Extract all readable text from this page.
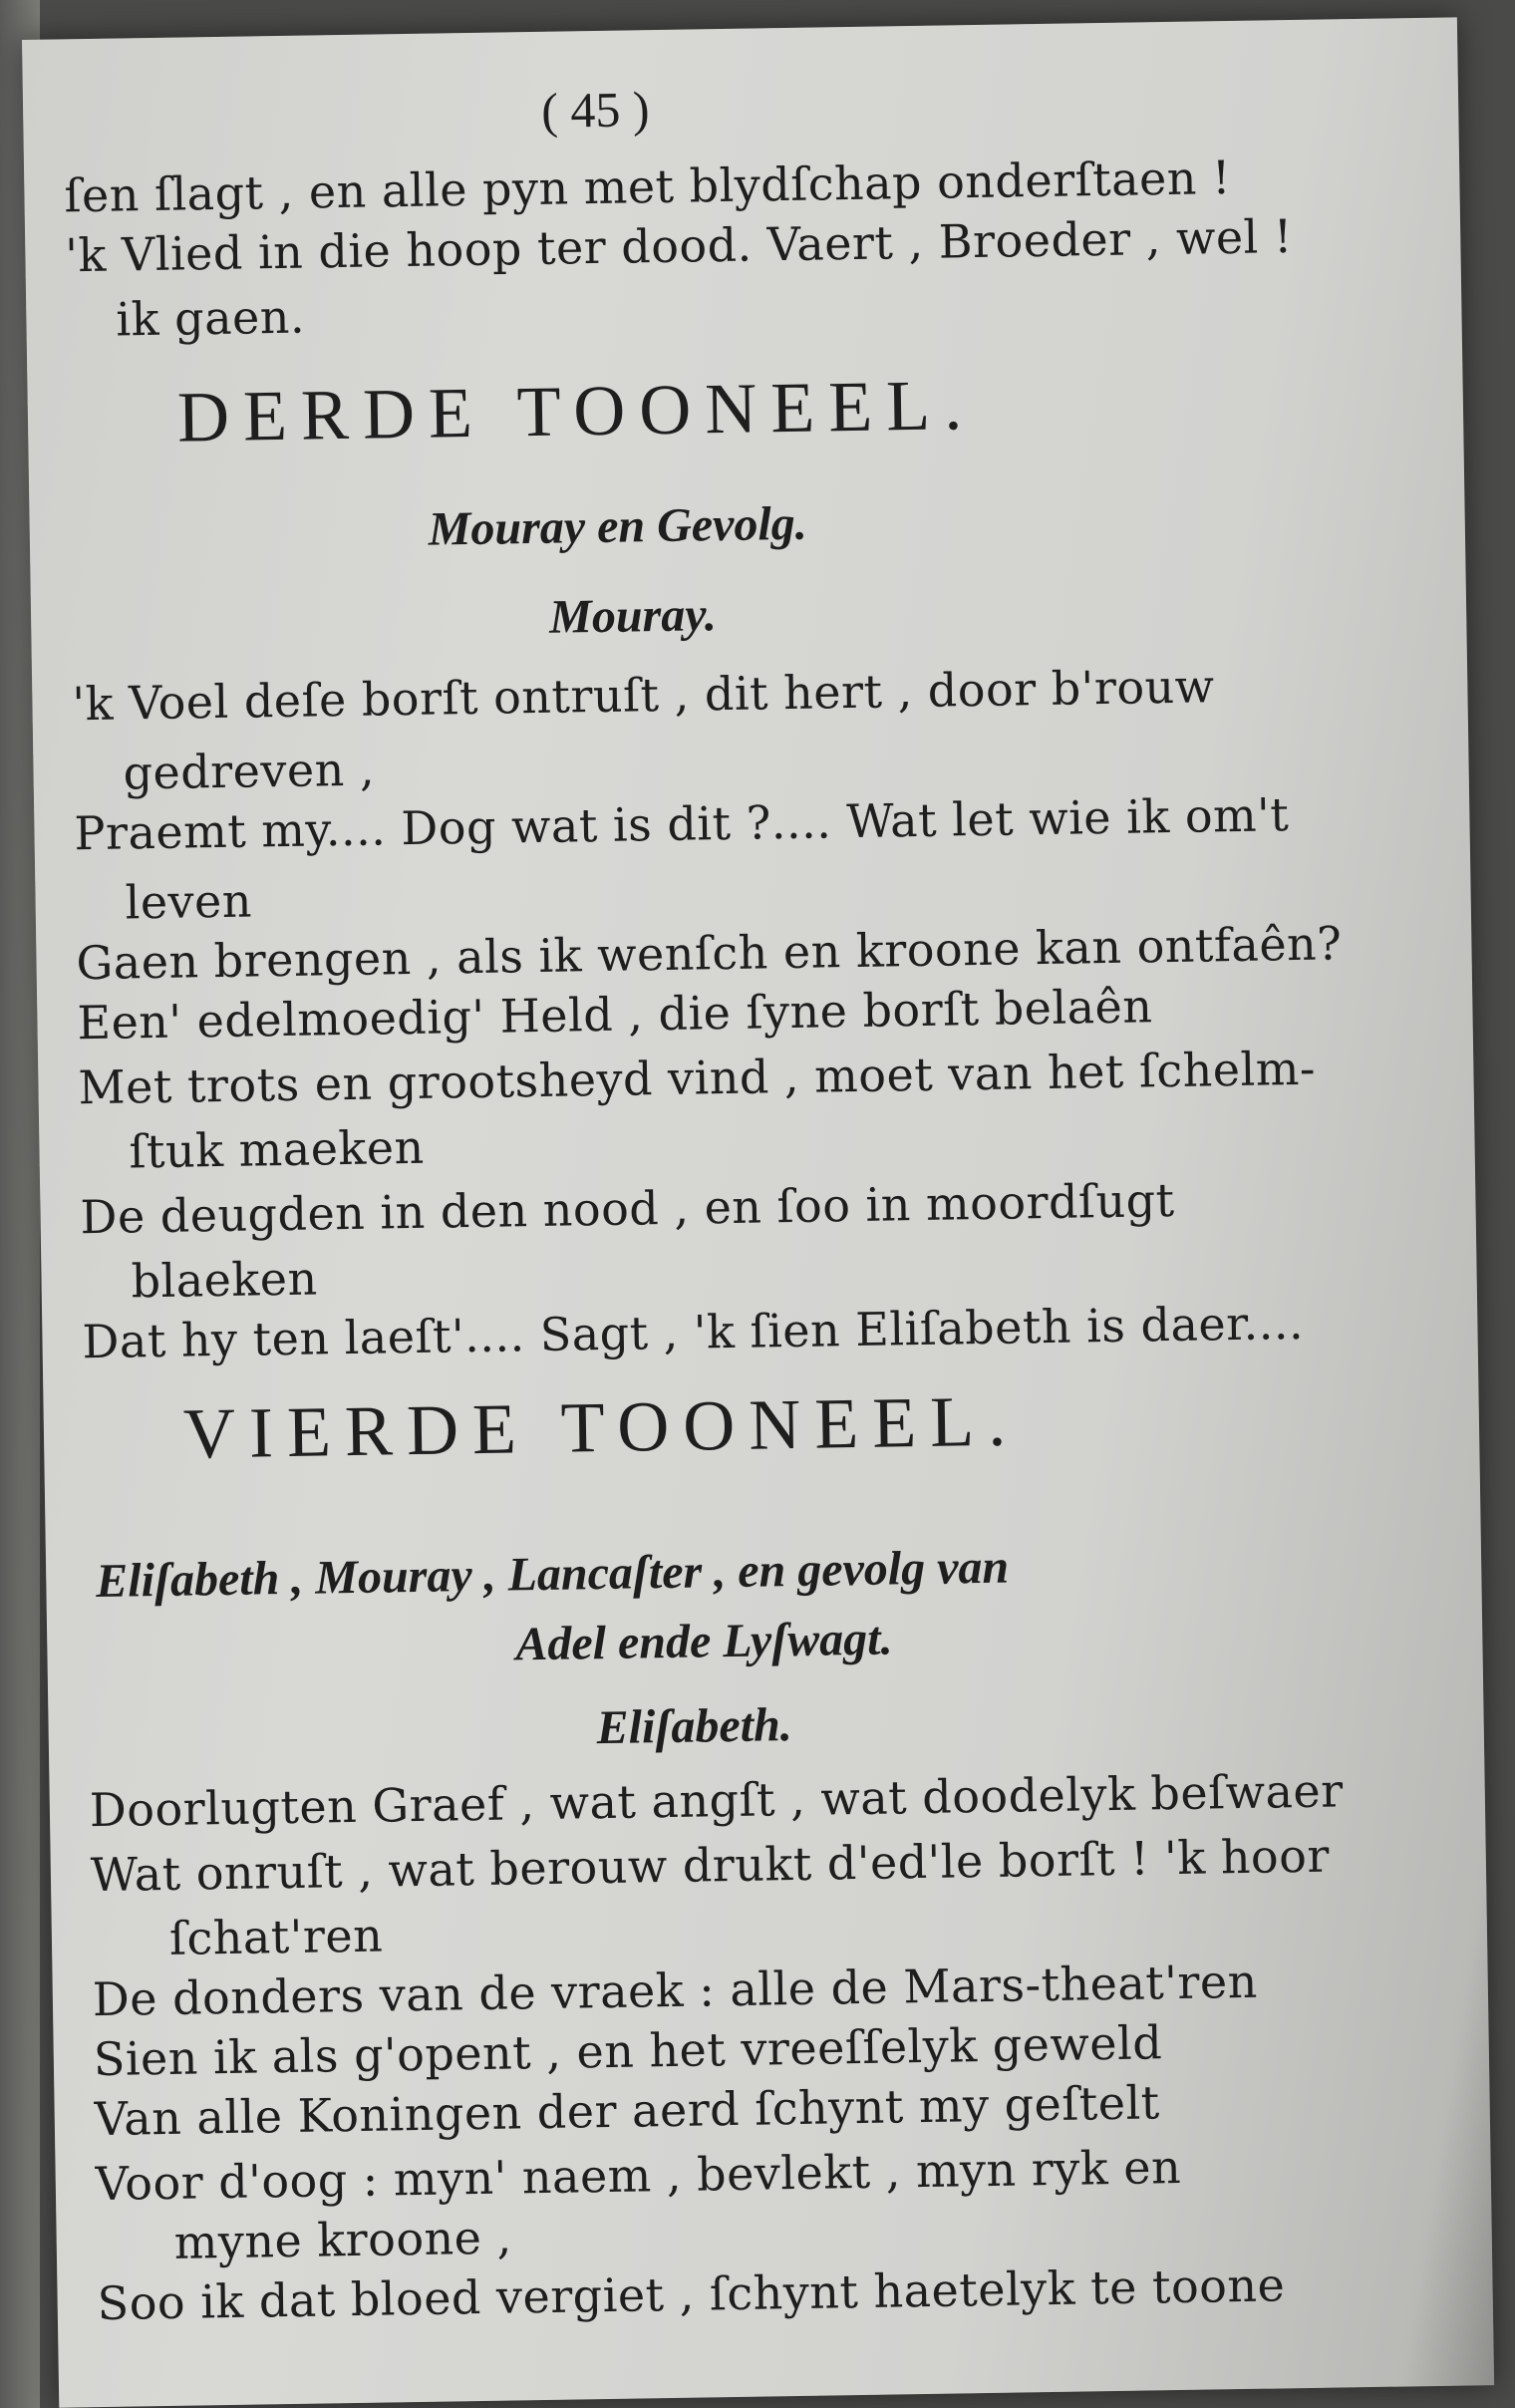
( 45 )
ſen ſlagt , en alle pyn met blydſchap onderſtaen !
'k Vlied in die hoop ter dood. Vaert , Broeder , wel !
ik gaen.
DERDE TOONEEL.
Mouray en Gevolg.
Mouray.
'k Voel deſe borſt ontruſt , dit hert , door b'rouw
gedreven ,
Praemt my.... Dog wat is dit ?.... Wat let wie ik om't
leven
Gaen brengen , als ik wenſch en kroone kan ontfaên?
Een' edelmoedig' Held , die ſyne borſt belaên
Met trots en grootsheyd vind , moet van het ſchelm-
ſtuk maeken
De deugden in den nood , en ſoo in moordſugt
blaeken
Dat hy ten laeſt'.... Sagt , 'k ſien Eliſabeth is daer....
VIERDE TOONEEL.
Eliſabeth , Mouray , Lancaſter , en gevolg van
Adel ende Lyſwagt.
Eliſabeth.
Doorlugten Graef , wat angſt , wat doodelyk beſwaer
Wat onruſt , wat berouw drukt d'ed'le borſt ! 'k hoor
ſchat'ren
De donders van de vraek : alle de Mars-theat'ren
Sien ik als g'opent , en het vreeſſelyk geweld
Van alle Koningen der aerd ſchynt my geſtelt
Voor d'oog : myn' naem , bevlekt , myn ryk en
myne kroone ,
Soo ik dat bloed vergiet , ſchynt haetelyk te toone
